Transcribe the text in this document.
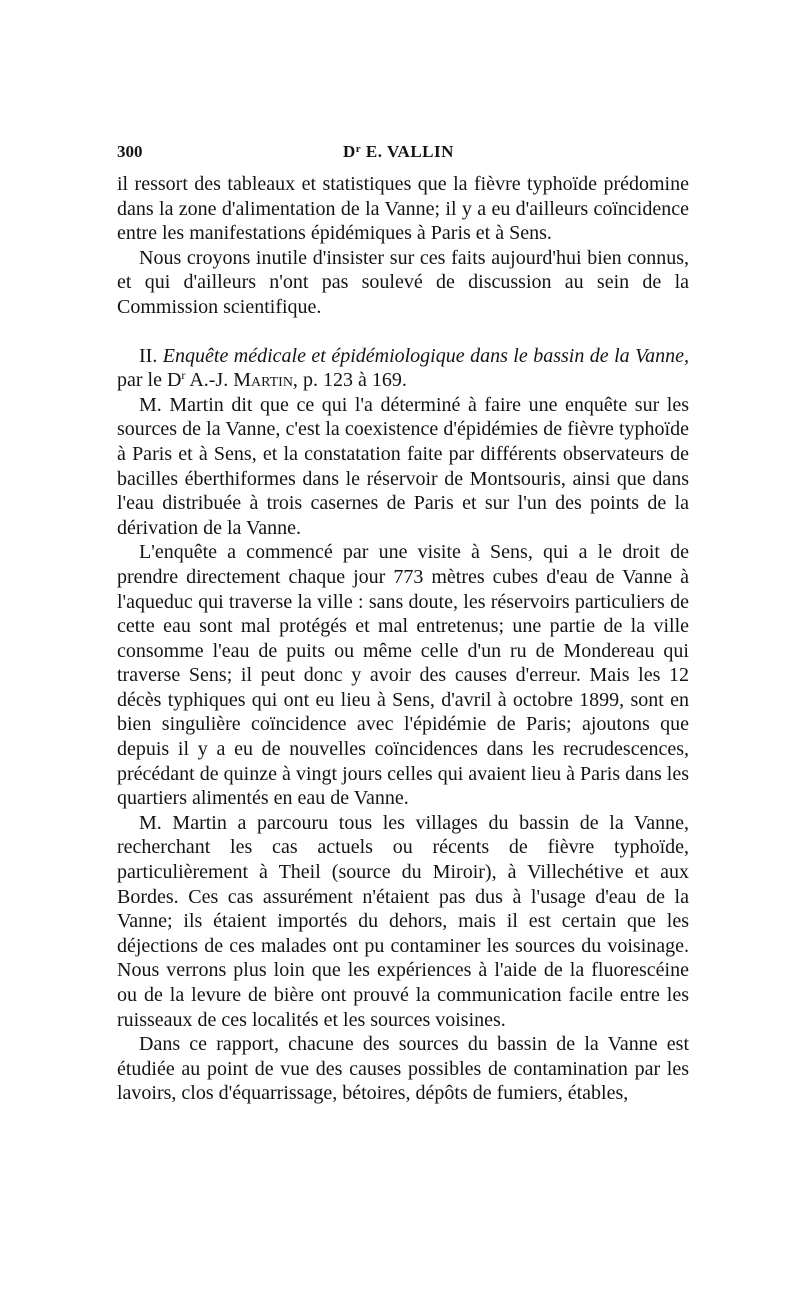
300	$D^r$ E. VALLIN

il ressort des tableaux et statistiques que la fièvre typhoïde prédomine dans la zone d'alimentation de la Vanne; il y a eu d'ailleurs coïncidence entre les manifestations épidémiques à Paris et à Sens.

Nous croyons inutile d'insister sur ces faits aujourd'hui bien connus, et qui d'ailleurs n'ont pas soulevé de discussion au sein de la Commission scientifique.

II. Enquête médicale et épidémiologique dans le bassin de la Vanne, par le $D^r$ A.-J. Martin, p. 123 à 169.

M. Martin dit que ce qui l'a déterminé à faire une enquête sur les sources de la Vanne, c'est la coexistence d'épidémies de fièvre typhoïde à Paris et à Sens, et la constatation faite par différents observateurs de bacilles éberthiformes dans le réservoir de Montsouris, ainsi que dans l'eau distribuée à trois casernes de Paris et sur l'un des points de la dérivation de la Vanne.

L'enquête a commencé par une visite à Sens, qui a le droit de prendre directement chaque jour 773 mètres cubes d'eau de Vanne à l'aqueduc qui traverse la ville : sans doute, les réservoirs particuliers de cette eau sont mal protégés et mal entretenus; une partie de la ville consomme l'eau de puits ou même celle d'un ru de Mondereau qui traverse Sens; il peut donc y avoir des causes d'erreur. Mais les 12 décès typhiques qui ont eu lieu à Sens, d'avril à octobre 1899, sont en bien singulière coïncidence avec l'épidémie de Paris; ajoutons que depuis il y a eu de nouvelles coïncidences dans les recrudescences, précédant de quinze à vingt jours celles qui avaient lieu à Paris dans les quartiers alimentés en eau de Vanne.

M. Martin a parcouru tous les villages du bassin de la Vanne, recherchant les cas actuels ou récents de fièvre typhoïde, particulièrement à Theil (source du Miroir), à Villechétive et aux Bordes. Ces cas assurément n'étaient pas dus à l'usage d'eau de la Vanne; ils étaient importés du dehors, mais il est certain que les déjections de ces malades ont pu contaminer les sources du voisinage. Nous verrons plus loin que les expériences à l'aide de la fluorescéine ou de la levure de bière ont prouvé la communication facile entre les ruisseaux de ces localités et les sources voisines.

Dans ce rapport, chacune des sources du bassin de la Vanne est étudiée au point de vue des causes possibles de contamination par les lavoirs, clos d'équarrissage, bétoires, dépôts de fumiers, étables,
